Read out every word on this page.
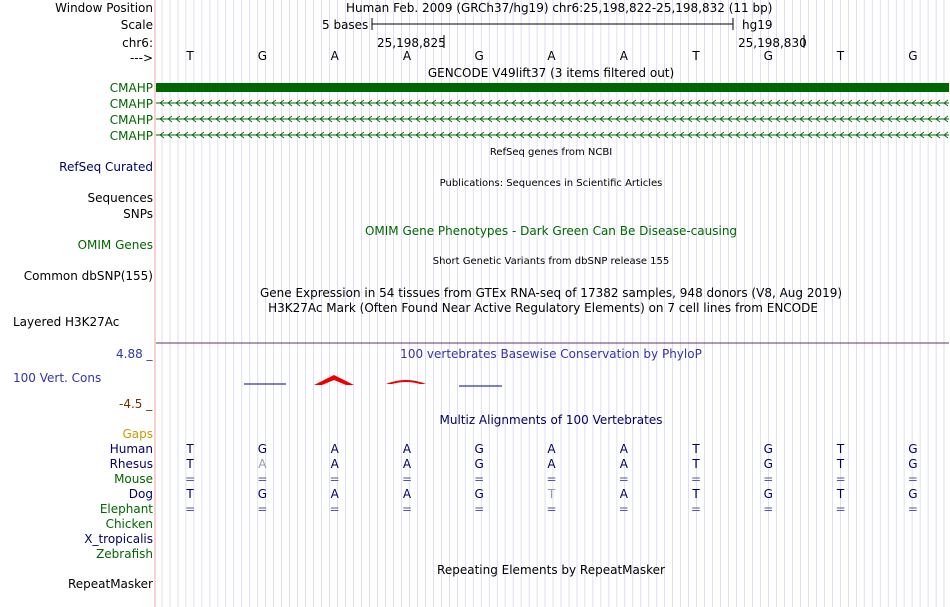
Window Position	Human Feb. 2009 (GRCh37/hg19) chr6:25,198,822-25,198,832 (11 bp)
Scale	5 bases	hg19
chr6:	25,198,825	25,198,830
--->	T	G	A	A	G	A	A	T	G	T	G
GENCODE V49lift37 (3 items filtered out)
CMAHP
CMAHP
CMAHP
CMAHP
RefSeq genes from NCBI
RefSeq Curated
Publications: Sequences in Scientific Articles
Sequences
SNPs
OMIM Gene Phenotypes - Dark Green Can Be Disease-causing
OMIM Genes
Short Genetic Variants from dbSNP release 155
Common dbSNP(155)
Gene Expression in 54 tissues from GTEx RNA-seq of 17382 samples, 948 donors (V8, Aug 2019)
H3K27Ac Mark (Often Found Near Active Regulatory Elements) on 7 cell lines from ENCODE
Layered H3K27Ac
4.88 _	100 vertebrates Basewise Conservation by PhyloP
100 Vert. Cons
-4.5 _
Multiz Alignments of 100 Vertebrates
Gaps
Human	T	G	A	A	G	A	A	T	G	T	G
Rhesus	T	A	A	A	G	A	A	T	G	T	G
Mouse	=	=	=	=	=	=	=	=	=	=	=
Dog	T	G	A	A	G	T	A	T	G	T	G
Elephant	=	=	=	=	=	=	=	=	=	=	=
Chicken
X_tropicalis
Zebrafish
Repeating Elements by RepeatMasker
RepeatMasker
